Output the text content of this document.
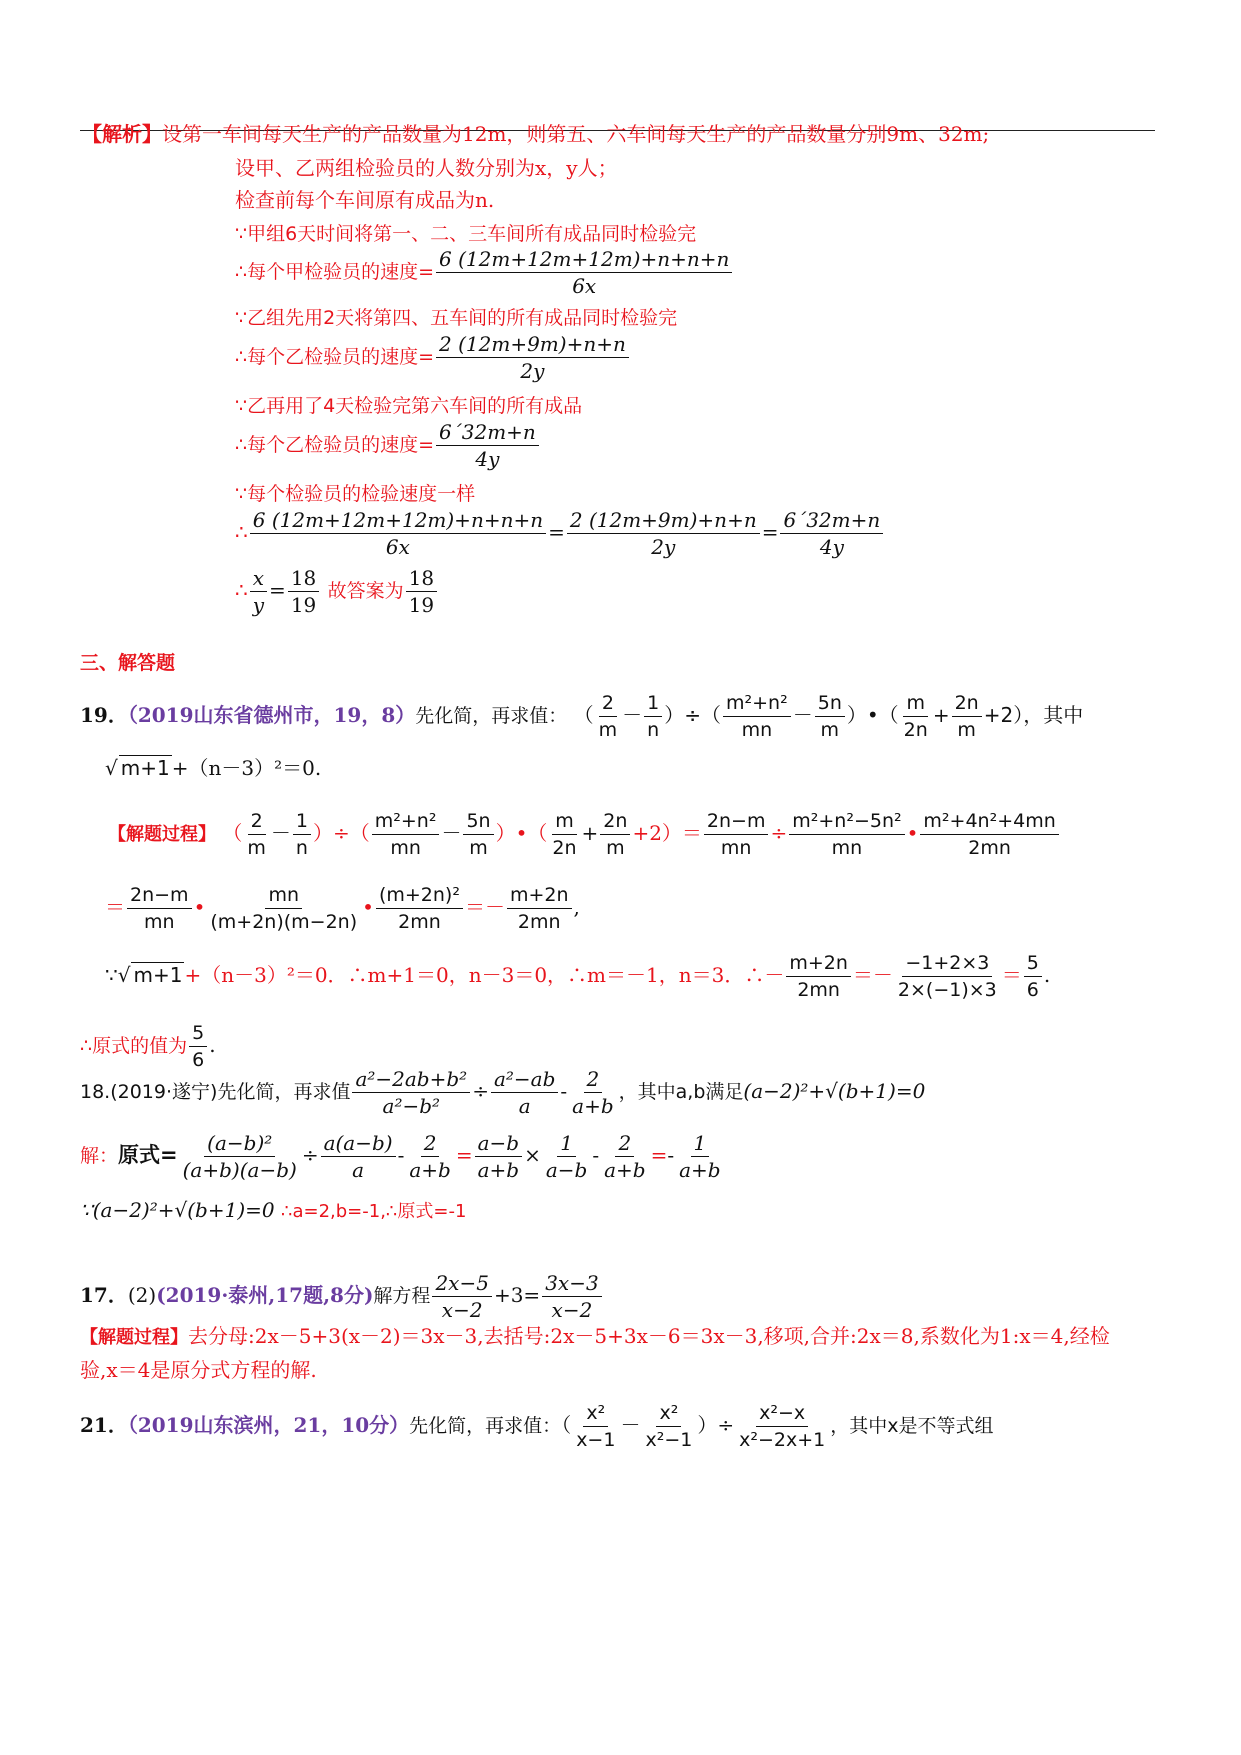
【解析】设第一车间每天生产的产品数量为12m，则第五、六车间每天生产的产品数量分别9m、32m;
设甲、乙两组检验员的人数分别为x，y人；
检查前每个车间原有成品为n.
∵甲组6天时间将第一、二、三车间所有成品同时检验完
∴每个甲检验员的速度= $\frac{6 (12m+12m+12m)+n+n+n}{6x}$
∵乙组先用2天将第四、五车间的所有成品同时检验完
∴每个乙检验员的速度= $\frac{2 (12m+9m)+n+n}{2y}$
∵乙再用了4天检验完第六车间的所有成品
∴每个乙检验员的速度= $\frac{6´32m+n}{4y}$
∵每个检验员的检验速度一样
∴ $\frac{6 (12m+12m+12m)+n+n+n}{6x} = \frac{2 (12m+9m)+n+n}{2y} = \frac{6´32m+n}{4y}$
∴ $\frac{x}{y} = \frac{18}{19}$ 故答案为 $\frac{18}{19}$
三、解答题
19．（2019山东省德州市，19，8）先化简，再求值： （ $\frac{2}{m} - \frac{1}{n}$ ）÷（ $\frac{\text{m²+n²}}{mn} - \frac{5n}{m}$ ）•（ $\frac{m}{2n} + \frac{2n}{m} +2$），其中
√ m+1 +（n－3）²＝0.
【解题过程】 （ $\frac{2}{m} - \frac{1}{n}$ ）÷（ $\frac{\text{m²+n²}}{mn} - \frac{5n}{m}$ ）•（ $\frac{m}{2n} + \frac{2n}{m} +2)= \frac{2n-m}{mn} \div \frac{\text{m²+n²−5n²}}{mn}$ • $\frac{\text{m²+4n²+4mn}}{2mn}$
＝ $\frac{2n-m}{mn}$ • $\frac{mn}{(m+2n)(m-2n)}$ • $\frac{\text{(m+2n)²}}{2mn} =- \frac{m+2n}{2mn}$ ,
∵ √ m+1 +（n－3）²＝0．∴m+1＝0，n－3＝0，∴m＝－1，n＝3．∴－ $\frac{m+2n}{2mn} =- \frac{-1+2\times 3}{2\times(-1)\times 3} = \frac{5}{6}$ .
∴原式的值为 $\frac{5}{6}$ .
18.(2019·遂宁)先化简，再求值 $\frac{\text{a²−2ab+b²}}{\text{a²−b²}} \div \frac{\text{a²−ab}}{a} - \frac{2}{a+b}$ ，其中a,b满足(a−2)²+√(b+1)=0
解：原式= $\frac{\text{(a−b)²}}{(a+b)(a-b)} \div \frac{a(a-b)}{a} - \frac{2}{a+b} = \frac{a-b}{a+b} \times \frac{1}{a-b} - \frac{2}{a+b} =- \frac{1}{a+b}$
∵(a−2)²+√(b+1)=0 ∴a=2,b=-1,∴原式=-1
17．(2)(2019·泰州,17题,8分)解方程 $\frac{2x-5}{x-2} +3= \frac{3x-3}{x-2}$
【解题过程】去分母:2x－5+3(x－2)＝3x－3,去括号:2x－5+3x－6＝3x－3,移项,合并:2x＝8,系数化为1:x＝4,经检
验,x＝4是原分式方程的解.
21．（2019山东滨州，21，10分）先化简，再求值：（ $\frac{\text{x²}}{x-1} - \frac{\text{x²}}{\text{x²−1}}$ ）÷ $\frac{\text{x²−x}}{\text{x²−2x+1}}$ ，其中x是不等式组
